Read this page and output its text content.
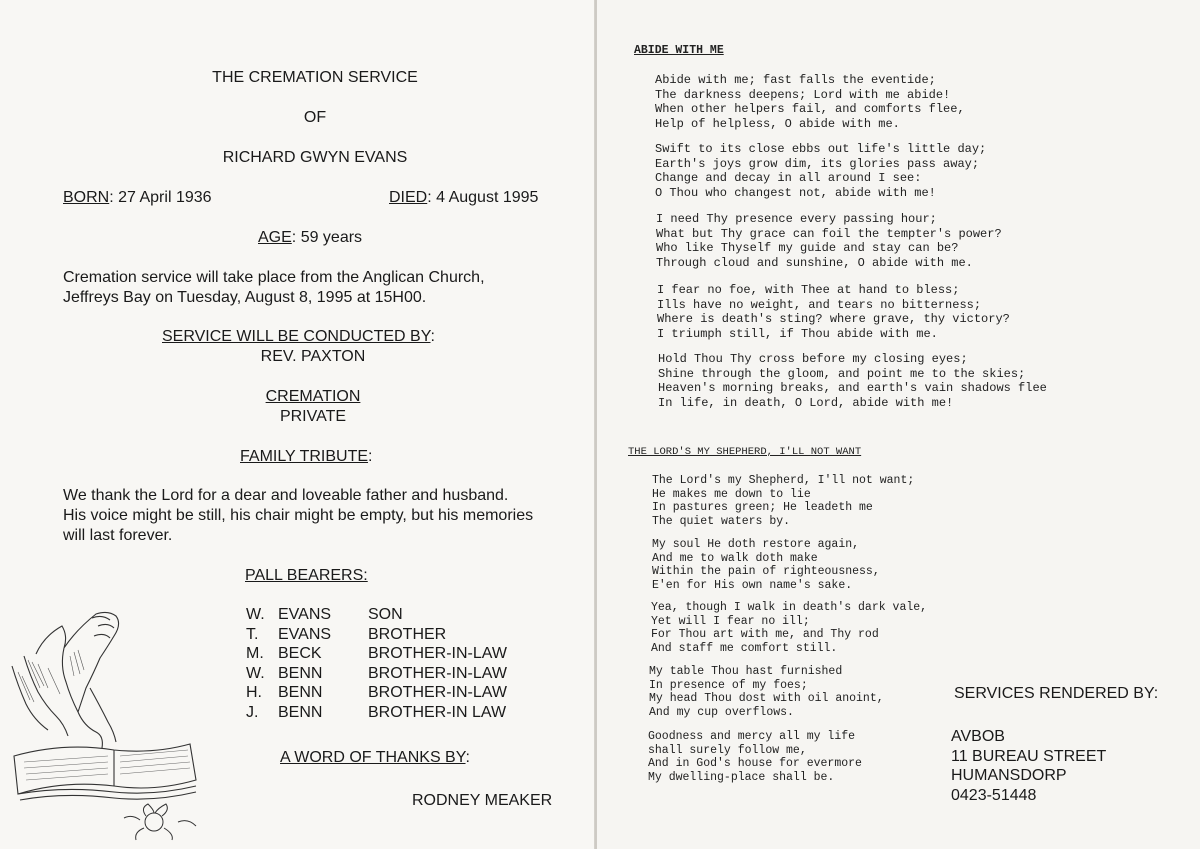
THE CREMATION SERVICE
OF
RICHARD GWYN EVANS
BORN: 27 April 1936	DIED: 4 August 1995
AGE: 59 years
Cremation service will take place from the Anglican Church,
Jeffreys Bay on Tuesday, August 8, 1995 at 15H00.
SERVICE WILL BE CONDUCTED BY:
REV. PAXTON
CREMATION
PRIVATE
FAMILY TRIBUTE:
We thank the Lord for a dear and loveable father and husband.
His voice might be still, his chair might be empty, but his memories
will last forever.
PALL BEARERS:
W.
T.
M.
W.
H.
J.
EVANS
EVANS
BECK
BENN
BENN
BENN
SON
BROTHER
BROTHER-IN-LAW
BROTHER-IN-LAW
BROTHER-IN-LAW
BROTHER-IN LAW
A WORD OF THANKS BY:
RODNEY MEAKER
ABIDE WITH ME
Abide with me; fast falls the eventide;
The darkness deepens; Lord with me abide!
When other helpers fail, and comforts flee,
Help of helpless, O abide with me.
Swift to its close ebbs out life's little day;
Earth's joys grow dim, its glories pass away;
Change and decay in all around I see:
O Thou who changest not, abide with me!
I need Thy presence every passing hour;
What but Thy grace can foil the tempter's power?
Who like Thyself my guide and stay can be?
Through cloud and sunshine, O abide with me.
I fear no foe, with Thee at hand to bless;
Ills have no weight, and tears no bitterness;
Where is death's sting? where grave, thy victory?
I triumph still, if Thou abide with me.
Hold Thou Thy cross before my closing eyes;
Shine through the gloom, and point me to the skies;
Heaven's morning breaks, and earth's vain shadows flee
In life, in death, O Lord, abide with me!
THE LORD'S MY SHEPHERD, I'LL NOT WANT
The Lord's my Shepherd, I'll not want;
He makes me down to lie
In pastures green; He leadeth me
The quiet waters by.
My soul He doth restore again,
And me to walk doth make
Within the pain of righteousness,
E'en for His own name's sake.
Yea, though I walk in death's dark vale,
Yet will I fear no ill;
For Thou art with me, and Thy rod
And staff me comfort still.
My table Thou hast furnished
In presence of my foes;
My head Thou dost with oil anoint,
And my cup overflows.
Goodness and mercy all my life
shall surely follow me,
And in God's house for evermore
My dwelling-place shall be.
SERVICES RENDERED BY:
AVBOB
11 BUREAU STREET
HUMANSDORP
0423-51448
